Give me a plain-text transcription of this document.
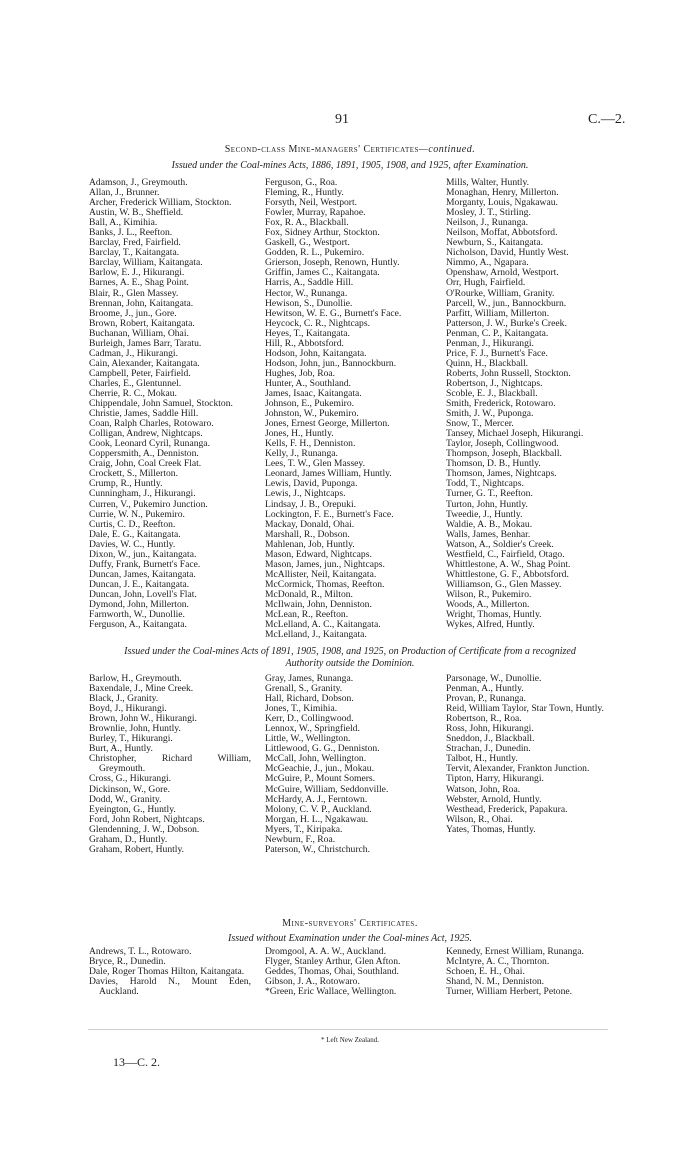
91	C.—2.
Second-class Mine-managers' Certificates—continued.
Issued under the Coal-mines Acts, 1886, 1891, 1905, 1908, and 1925, after Examination.
Adamson, J., Greymouth.
Allan, J., Brunner.
Archer, Frederick William, Stockton.
Austin, W. B., Sheffield.
Ball, A., Kimihia.
Banks, J. L., Reefton.
Barclay, Fred, Fairfield.
Barclay, T., Kaitangata.
Barclay, William, Kaitangata.
Barlow, E. J., Hikurangi.
Barnes, A. E., Shag Point.
Blair, R., Glen Massey.
Brennan, John, Kaitangata.
Broome, J., jun., Gore.
Brown, Robert, Kaitangata.
Buchanan, William, Ohai.
Burleigh, James Barr, Taratu.
Cadman, J., Hikurangi.
Cain, Alexander, Kaitangata.
Campbell, Peter, Fairfield.
Charles, E., Glentunnel.
Cherrie, R. C., Mokau.
Chippendale, John Samuel, Stockton.
Christie, James, Saddle Hill.
Coan, Ralph Charles, Rotowaro.
Colligan, Andrew, Nightcaps.
Cook, Leonard Cyril, Runanga.
Coppersmith, A., Denniston.
Craig, John, Coal Creek Flat.
Crockett, S., Millerton.
Crump, R., Huntly.
Cunningham, J., Hikurangi.
Curren, V., Pukemiro Junction.
Currie, W. N., Pukemiro.
Curtis, C. D., Reefton.
Dale, E. G., Kaitangata.
Davies, W. C., Huntly.
Dixon, W., jun., Kaitangata.
Duffy, Frank, Burnett's Face.
Duncan, James, Kaitangata.
Duncan, J. E., Kaitangata.
Duncan, John, Lovell's Flat.
Dymond, John, Millerton.
Farnworth, W., Dunollie.
Ferguson, A., Kaitangata.
Ferguson, G., Roa.
Fleming, R., Huntly.
Forsyth, Neil, Westport.
Fowler, Murray, Rapahoe.
Fox, R. A., Blackball.
Fox, Sidney Arthur, Stockton.
Gaskell, G., Westport.
Godden, R. L., Pukemiro.
Grierson, Joseph, Renown, Huntly.
Griffin, James C., Kaitangata.
Harris, A., Saddle Hill.
Hector, W., Runanga.
Hewison, S., Dunollie.
Hewitson, W. E. G., Burnett's Face.
Heycock, C. R., Nightcaps.
Heyes, T., Kaitangata.
Hill, R., Abbotsford.
Hodson, John, Kaitangata.
Hodson, John, jun., Bannockburn.
Hughes, Job, Roa.
Hunter, A., Southland.
James, Isaac, Kaitangata.
Johnson, E., Pukemiro.
Johnston, W., Pukemiro.
Jones, Ernest George, Millerton.
Jones, H., Huntly.
Kells, F. H., Denniston.
Kelly, J., Runanga.
Lees, T. W., Glen Massey.
Leonard, James William, Huntly.
Lewis, David, Puponga.
Lewis, J., Nightcaps.
Lindsay, J. B., Orepuki.
Lockington, F. E., Burnett's Face.
Mackay, Donald, Ohai.
Marshall, R., Dobson.
Mahlenan, Job, Huntly.
Mason, Edward, Nightcaps.
Mason, James, jun., Nightcaps.
McAllister, Neil, Kaitangata.
McCormick, Thomas, Reefton.
McDonald, R., Milton.
McIlwain, John, Denniston.
McLean, R., Reefton.
McLelland, A. C., Kaitangata.
McLelland, J., Kaitangata.
Mills, Walter, Huntly.
Monaghan, Henry, Millerton.
Morganty, Louis, Ngakawau.
Mosley, J. T., Stirling.
Neilson, J., Runanga.
Neilson, Moffat, Abbotsford.
Newburn, S., Kaitangata.
Nicholson, David, Huntly West.
Nimmo, A., Ngapara.
Openshaw, Arnold, Westport.
Orr, Hugh, Fairfield.
O'Rourke, William, Granity.
Parcell, W., jun., Bannockburn.
Parfitt, William, Millerton.
Patterson, J. W., Burke's Creek.
Penman, C. P., Kaitangata.
Penman, J., Hikurangi.
Price, F. J., Burnett's Face.
Quinn, H., Blackball.
Roberts, John Russell, Stockton.
Robertson, J., Nightcaps.
Scoble, E. J., Blackball.
Smith, Frederick, Rotowaro.
Smith, J. W., Puponga.
Snow, T., Mercer.
Tansey, Michael Joseph, Hikurangi.
Taylor, Joseph, Collingwood.
Thompson, Joseph, Blackball.
Thomson, D. B., Huntly.
Thomson, James, Nightcaps.
Todd, T., Nightcaps.
Turner, G. T., Reefton.
Turton, John, Huntly.
Tweedie, J., Huntly.
Waldie, A. B., Mokau.
Walls, James, Benhar.
Watson, A., Soldier's Creek.
Westfield, C., Fairfield, Otago.
Whittlestone, A. W., Shag Point.
Whittlestone, G. F., Abbotsford.
Williamson, G., Glen Massey.
Wilson, R., Pukemiro.
Woods, A., Millerton.
Wright, Thomas, Huntly.
Wykes, Alfred, Huntly.
Issued under the Coal-mines Acts of 1891, 1905, 1908, and 1925, on Production of Certificate from a recognized
Authority outside the Dominion.
Barlow, H., Greymouth.
Baxendale, J., Mine Creek.
Black, J., Granity.
Boyd, J., Hikurangi.
Brown, John W., Hikurangi.
Brownlie, John, Huntly.
Burley, T., Hikurangi.
Burt, A., Huntly.
Christopher, Richard William, Greymouth.
Cross, G., Hikurangi.
Dickinson, W., Gore.
Dodd, W., Granity.
Eyeington, G., Huntly.
Ford, John Robert, Nightcaps.
Glendenning, J. W., Dobson.
Graham, D., Huntly.
Graham, Robert, Huntly.
Gray, James, Runanga.
Grenall, S., Granity.
Hall, Richard, Dobson.
Jones, T., Kimihia.
Kerr, D., Collingwood.
Lennox, W., Springfield.
Little, W., Wellington.
Littlewood, G. G., Denniston.
McCall, John, Wellington.
McGeachie, J., jun., Mokau.
McGuire, P., Mount Somers.
McGuire, William, Seddonville.
McHardy, A. J., Ferntown.
Molony, C. V. P., Auckland.
Morgan, H. L., Ngakawau.
Myers, T., Kiripaka.
Newburn, F., Roa.
Paterson, W., Christchurch.
Parsonage, W., Dunollie.
Penman, A., Huntly.
Provan, P., Runanga.
Reid, William Taylor, Star Town, Huntly.
Robertson, R., Roa.
Ross, John, Hikurangi.
Sneddon, J., Blackball.
Strachan, J., Dunedin.
Talbot, H., Huntly.
Tervit, Alexander, Frankton Junction.
Tipton, Harry, Hikurangi.
Watson, John, Roa.
Webster, Arnold, Huntly.
Westhead, Frederick, Papakura.
Wilson, R., Ohai.
Yates, Thomas, Huntly.
Mine-surveyors' Certificates.
Issued without Examination under the Coal-mines Act, 1925.
Andrews, T. L., Rotowaro.
Bryce, R., Dunedin.
Dale, Roger Thomas Hilton, Kaitangata.
Davies, Harold N., Mount Eden, Auckland.
Dromgool, A. A. W., Auckland.
Flyger, Stanley Arthur, Glen Afton.
Geddes, Thomas, Ohai, Southland.
Gibson, J. A., Rotowaro.
*Green, Eric Wallace, Wellington.
Kennedy, Ernest William, Runanga.
McIntyre, A. C., Thornton.
Schoen, E. H., Ohai.
Shand, N. M., Denniston.
Turner, William Herbert, Petone.
* Left New Zealand.
13—C. 2.
